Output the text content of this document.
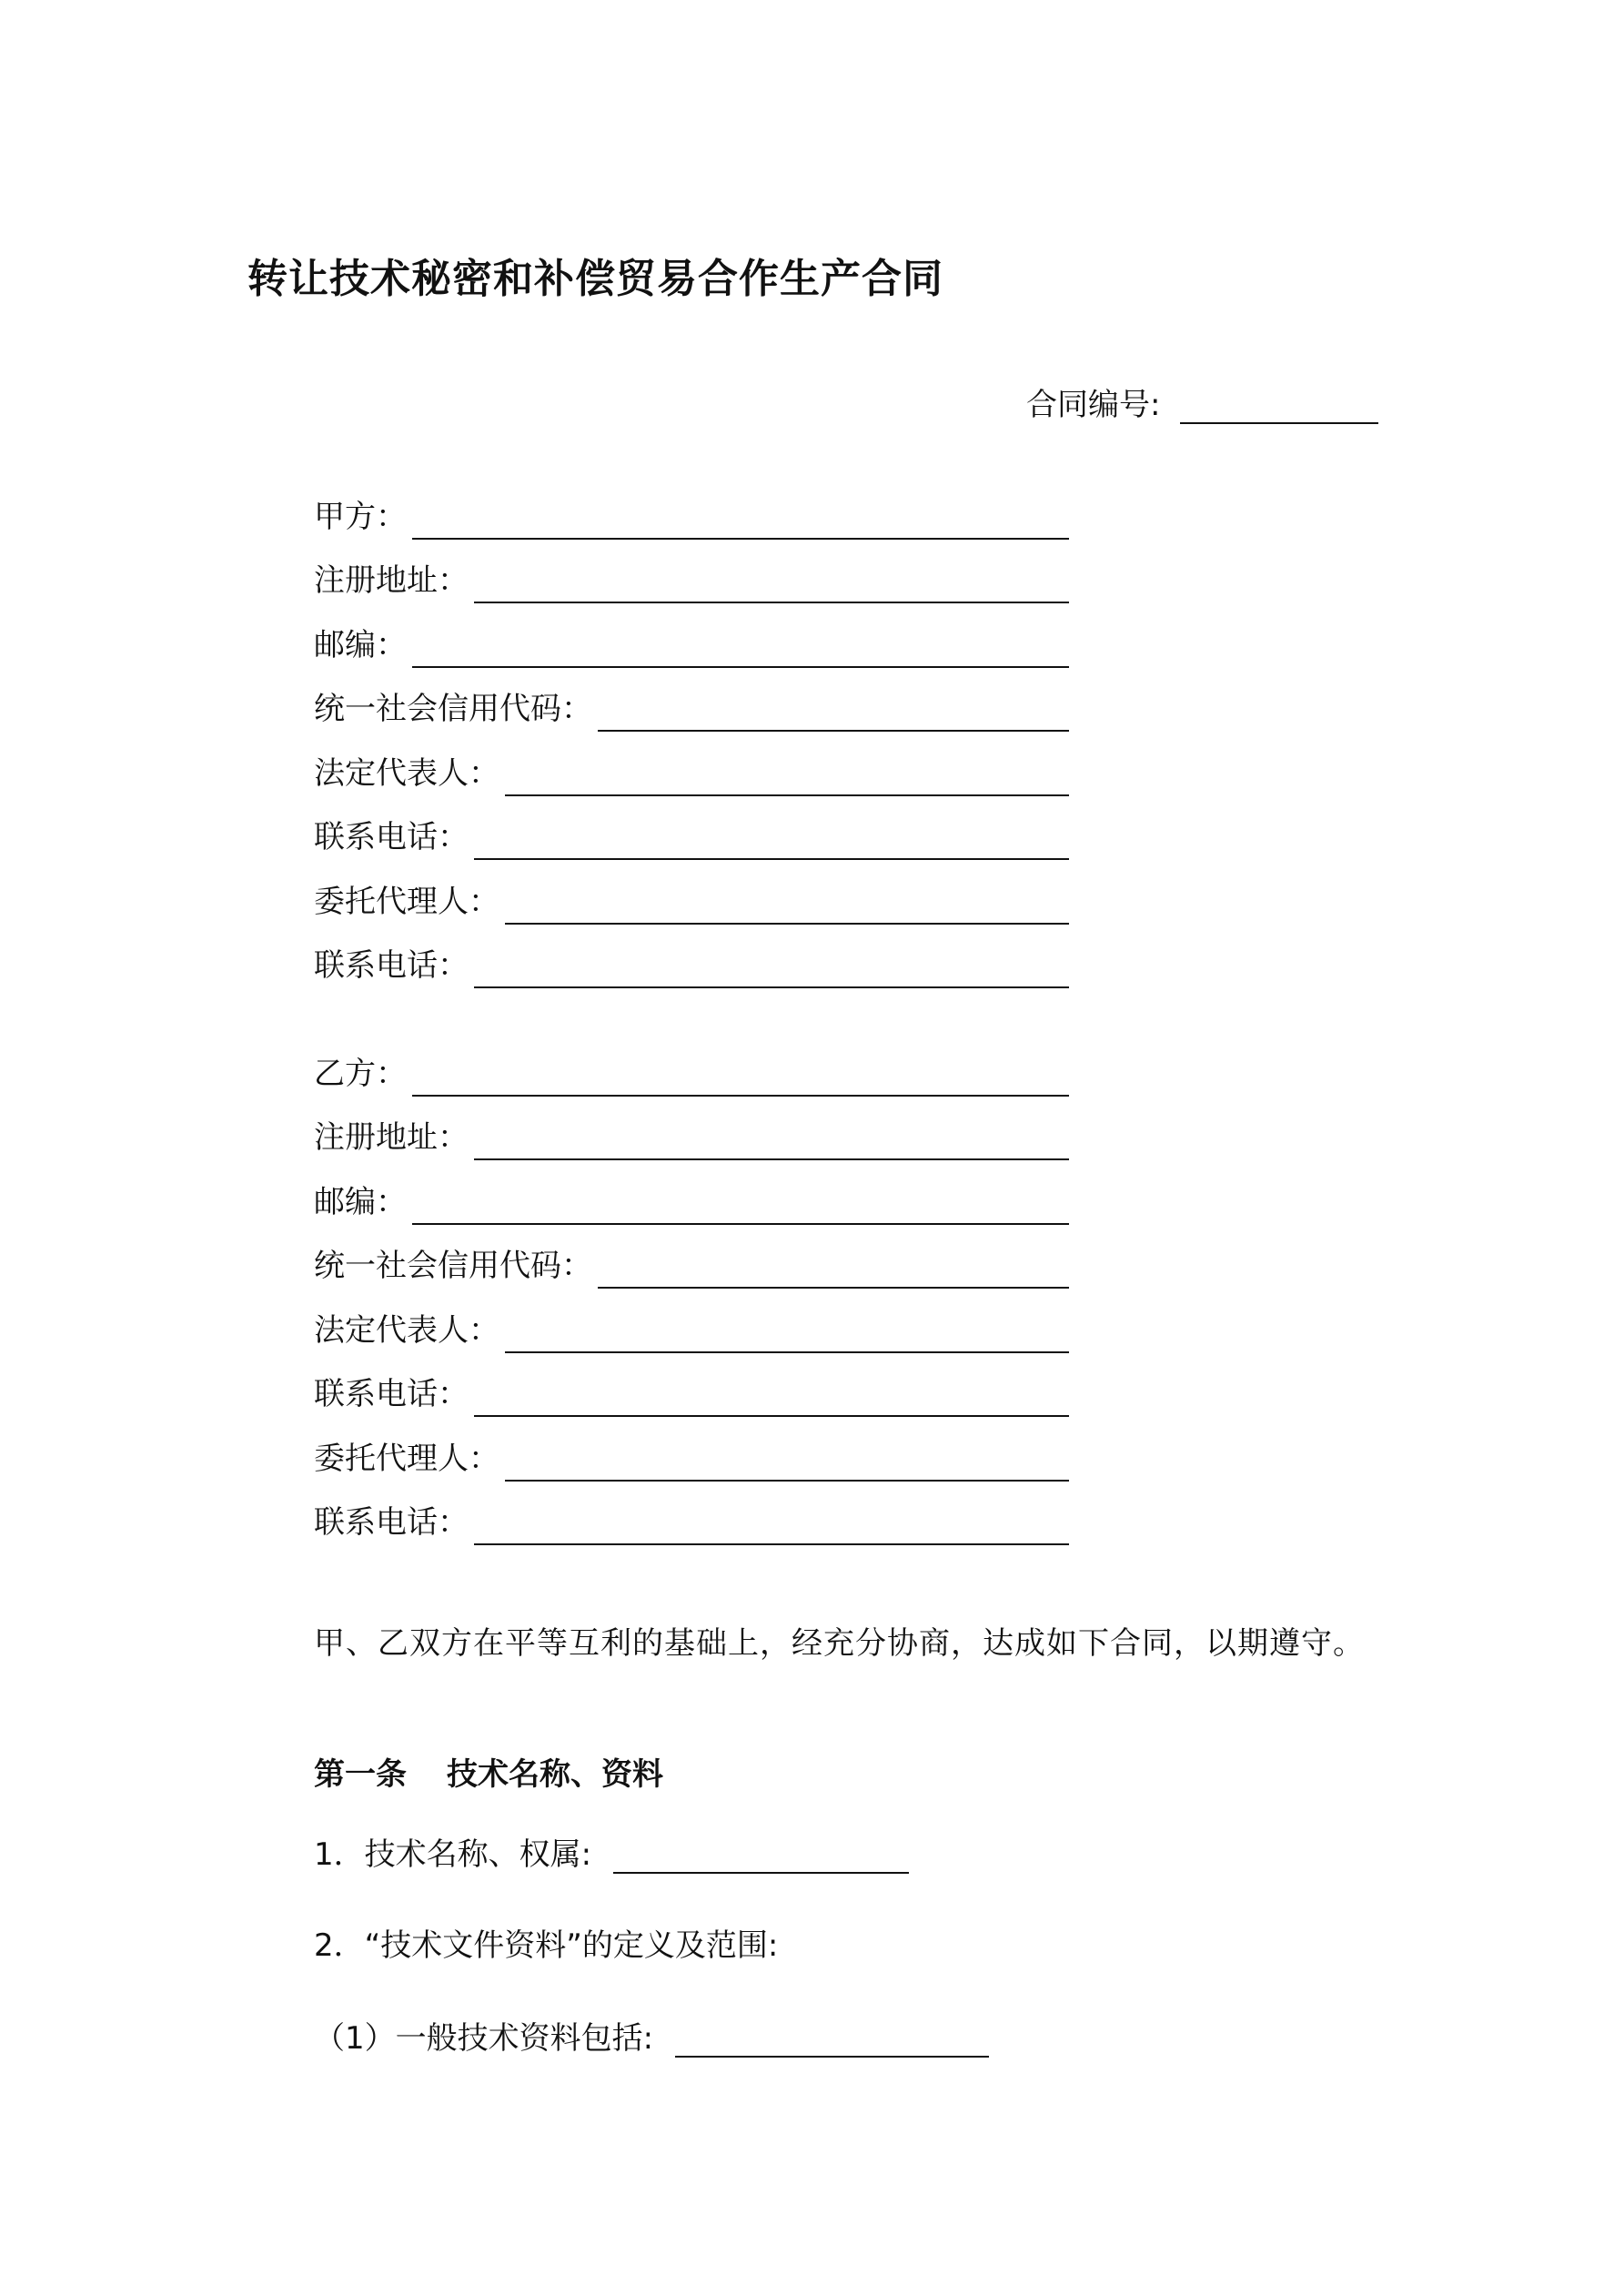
转让技术秘密和补偿贸易合作生产合同
合同编号:
甲方：
注册地址：
邮编：
统一社会信用代码：
法定代表人：
联系电话：
委托代理人：
联系电话：
乙方：
注册地址：
邮编：
统一社会信用代码：
法定代表人：
联系电话：
委托代理人：
联系电话：
甲、乙双方在平等互利的基础上，经充分协商，达成如下合同，以期遵守。
第一条 技术名称、资料
1．技术名称、权属:
2．“技术文件资料”的定义及范围:
（1）一般技术资料包括:
